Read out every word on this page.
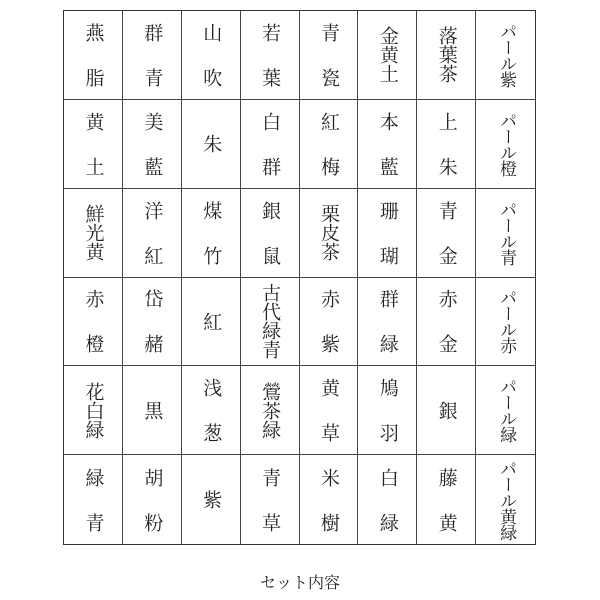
燕脂 群青 山吹 若葉 青瓷 金黄土 落葉茶 パール紫
黄土 美藍 朱 白群 紅梅 本藍 上朱 パール橙
鮮光黄 洋紅 煤竹 銀鼠 栗皮茶 珊瑚 青金 パール青
赤橙 岱赭 紅 古代緑青 赤紫 群緑 赤金 パール赤
花白緑 黒 浅葱 鶯茶緑 黄草 鳩羽 銀 パール緑
緑青 胡粉 紫 青草 米樹 白緑 藤黄 パール黄緑
セット内容
